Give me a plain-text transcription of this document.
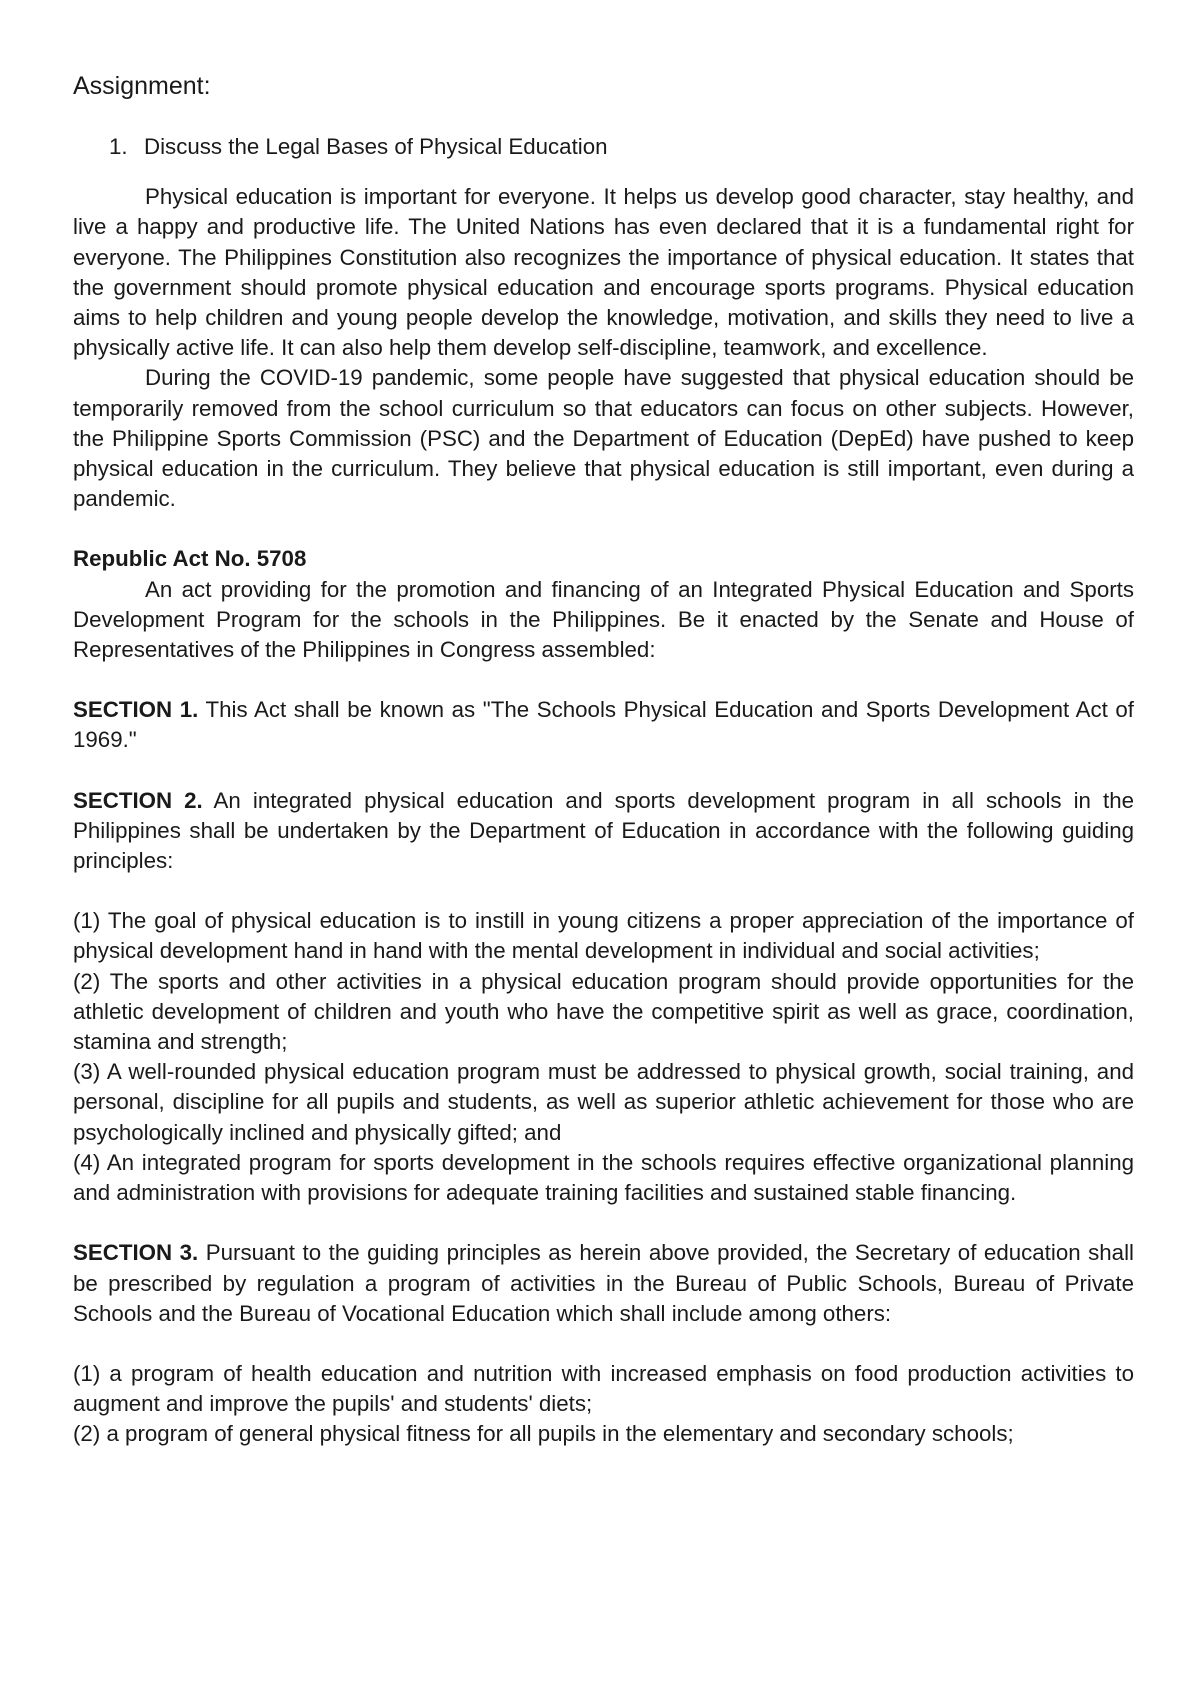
Assignment:
1. Discuss the Legal Bases of Physical Education

Physical education is important for everyone. It helps us develop good character, stay healthy, and live a happy and productive life. The United Nations has even declared that it is a fundamental right for everyone. The Philippines Constitution also recognizes the importance of physical education. It states that the government should promote physical education and encourage sports programs. Physical education aims to help children and young people develop the knowledge, motivation, and skills they need to live a physically active life. It can also help them develop self-discipline, teamwork, and excellence.

During the COVID-19 pandemic, some people have suggested that physical education should be temporarily removed from the school curriculum so that educators can focus on other subjects. However, the Philippine Sports Commission (PSC) and the Department of Education (DepEd) have pushed to keep physical education in the curriculum. They believe that physical education is still important, even during a pandemic.

Republic Act No. 5708

An act providing for the promotion and financing of an Integrated Physical Education and Sports Development Program for the schools in the Philippines. Be it enacted by the Senate and House of Representatives of the Philippines in Congress assembled:

SECTION 1. This Act shall be known as "The Schools Physical Education and Sports Development Act of 1969."

SECTION 2. An integrated physical education and sports development program in all schools in the Philippines shall be undertaken by the Department of Education in accordance with the following guiding principles:

(1) The goal of physical education is to instill in young citizens a proper appreciation of the importance of physical development hand in hand with the mental development in individual and social activities;

(2) The sports and other activities in a physical education program should provide opportunities for the athletic development of children and youth who have the competitive spirit as well as grace, coordination, stamina and strength;

(3) A well-rounded physical education program must be addressed to physical growth, social training, and personal, discipline for all pupils and students, as well as superior athletic achievement for those who are psychologically inclined and physically gifted; and

(4) An integrated program for sports development in the schools requires effective organizational planning and administration with provisions for adequate training facilities and sustained stable financing.

SECTION 3. Pursuant to the guiding principles as herein above provided, the Secretary of education shall be prescribed by regulation a program of activities in the Bureau of Public Schools, Bureau of Private Schools and the Bureau of Vocational Education which shall include among others:

(1) a program of health education and nutrition with increased emphasis on food production activities to augment and improve the pupils' and students' diets;

(2) a program of general physical fitness for all pupils in the elementary and secondary schools;
